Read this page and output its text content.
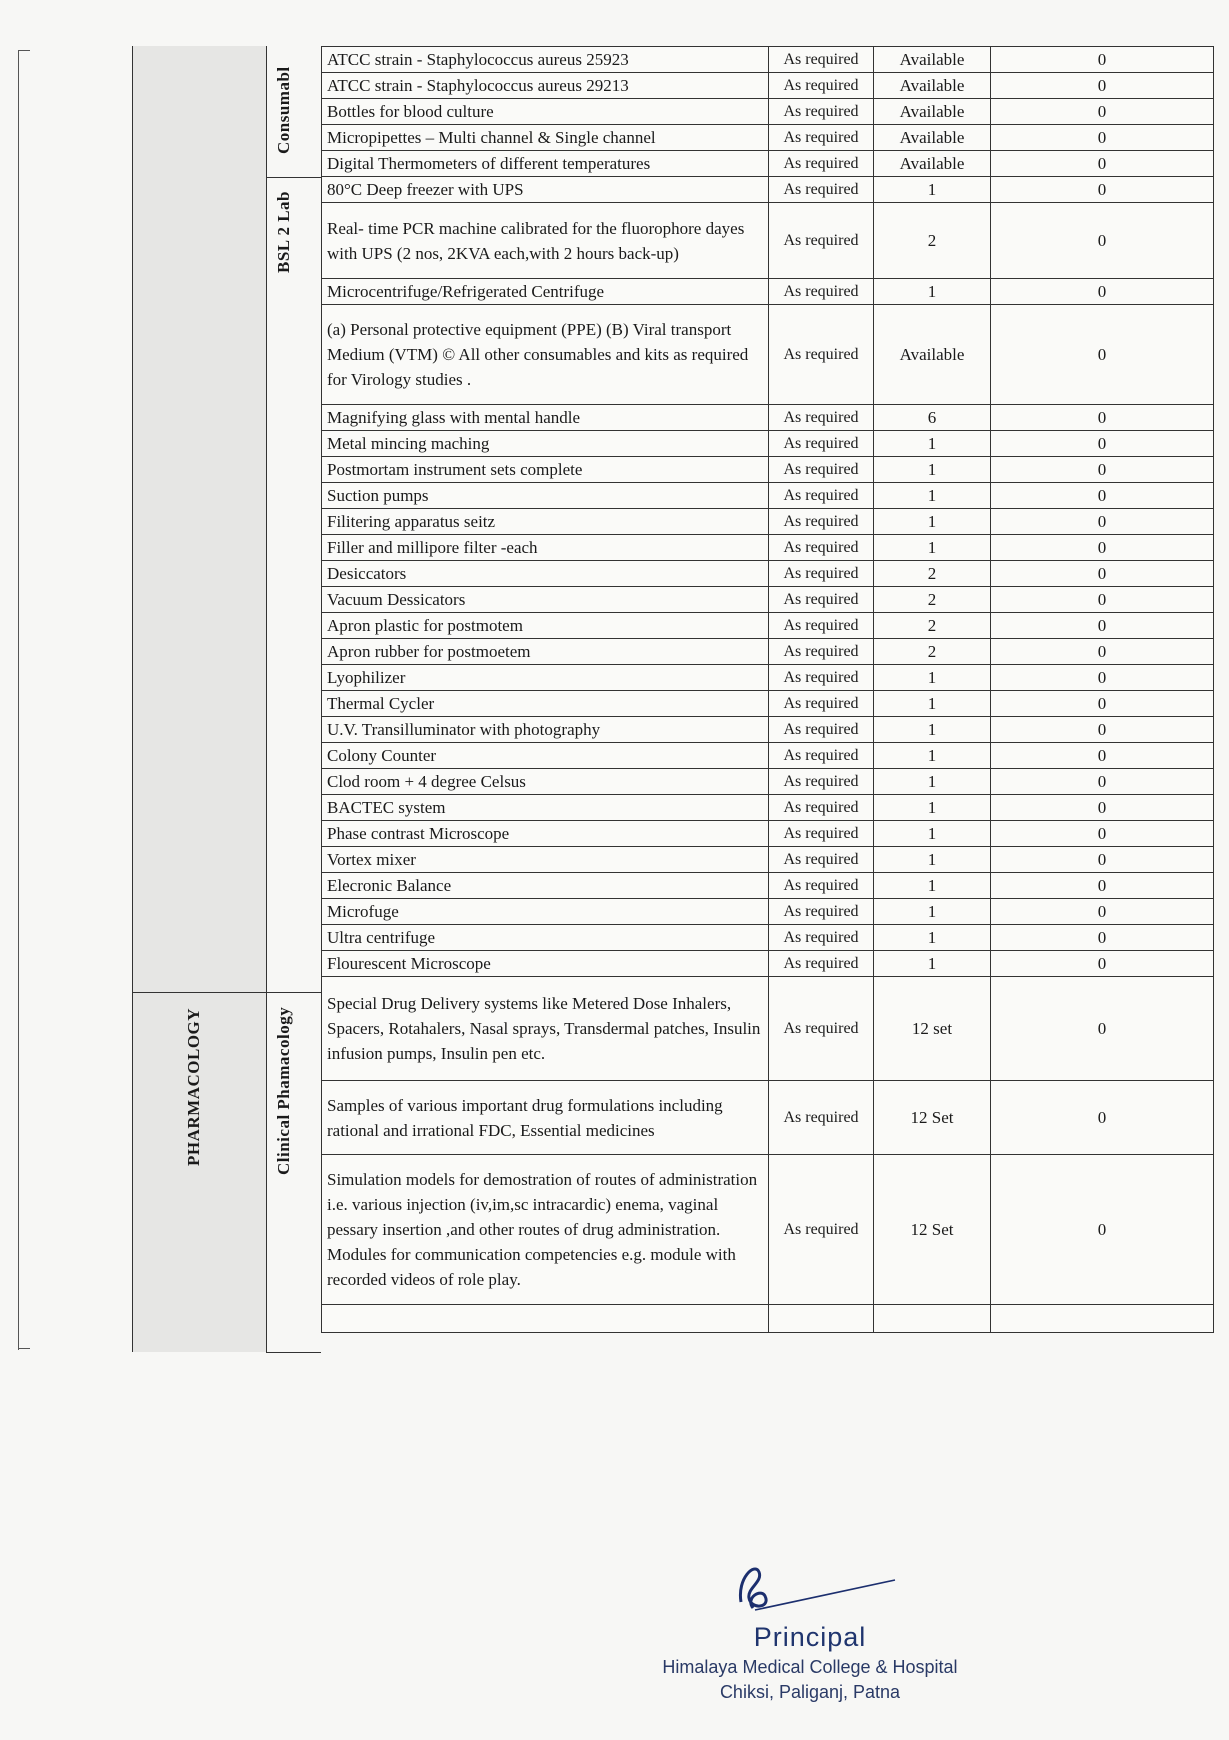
Consumabl
BSL 2 Lab
Clinical Phamacology
PHARMACOLOGY
ATCC strain - Staphylococcus aureus 25923	As required	Available	0
ATCC strain - Staphylococcus aureus 29213	As required	Available	0
Bottles for blood culture	As required	Available	0
Micropipettes – Multi channel & Single channel	As required	Available	0
Digital Thermometers of different temperatures	As required	Available	0
80°C Deep freezer with UPS	As required	1	0
Real- time PCR machine calibrated for the fluorophore dayes with UPS (2 nos, 2KVA each,with 2 hours back-up)	As required	2	0
Microcentrifuge/Refrigerated Centrifuge	As required	1	0
(a) Personal protective equipment (PPE) (B) Viral transport Medium (VTM) © All other consumables and kits as required for Virology studies .	As required	Available	0
Magnifying glass with mental handle	As required	6	0
Metal mincing maching	As required	1	0
Postmortam instrument sets complete	As required	1	0
Suction pumps	As required	1	0
Filitering apparatus seitz	As required	1	0
Filler and millipore filter -each	As required	1	0
Desiccators	As required	2	0
Vacuum Dessicators	As required	2	0
Apron plastic for postmotem	As required	2	0
Apron rubber for postmoetem	As required	2	0
Lyophilizer	As required	1	0
Thermal Cycler	As required	1	0
U.V. Transilluminator with photography	As required	1	0
Colony Counter	As required	1	0
Clod room + 4 degree Celsus	As required	1	0
BACTEC system	As required	1	0
Phase contrast Microscope	As required	1	0
Vortex mixer	As required	1	0
Elecronic Balance	As required	1	0
Microfuge	As required	1	0
Ultra centrifuge	As required	1	0
Flourescent Microscope	As required	1	0
Special Drug Delivery systems like Metered Dose Inhalers, Spacers, Rotahalers, Nasal sprays, Transdermal patches, Insulin infusion pumps, Insulin pen etc.	As required	12 set	0
Samples of various important drug formulations including rational and irrational FDC, Essential medicines	As required	12 Set	0
Simulation models for demostration of routes of administration i.e. various injection (iv,im,sc intracardic) enema, vaginal pessary insertion ,and other routes of drug administration. Modules for communication competencies e.g. module with recorded videos of role play.	As required	12 Set	0

Principal
Himalaya Medical College & Hospital
Chiksi, Paliganj, Patna
